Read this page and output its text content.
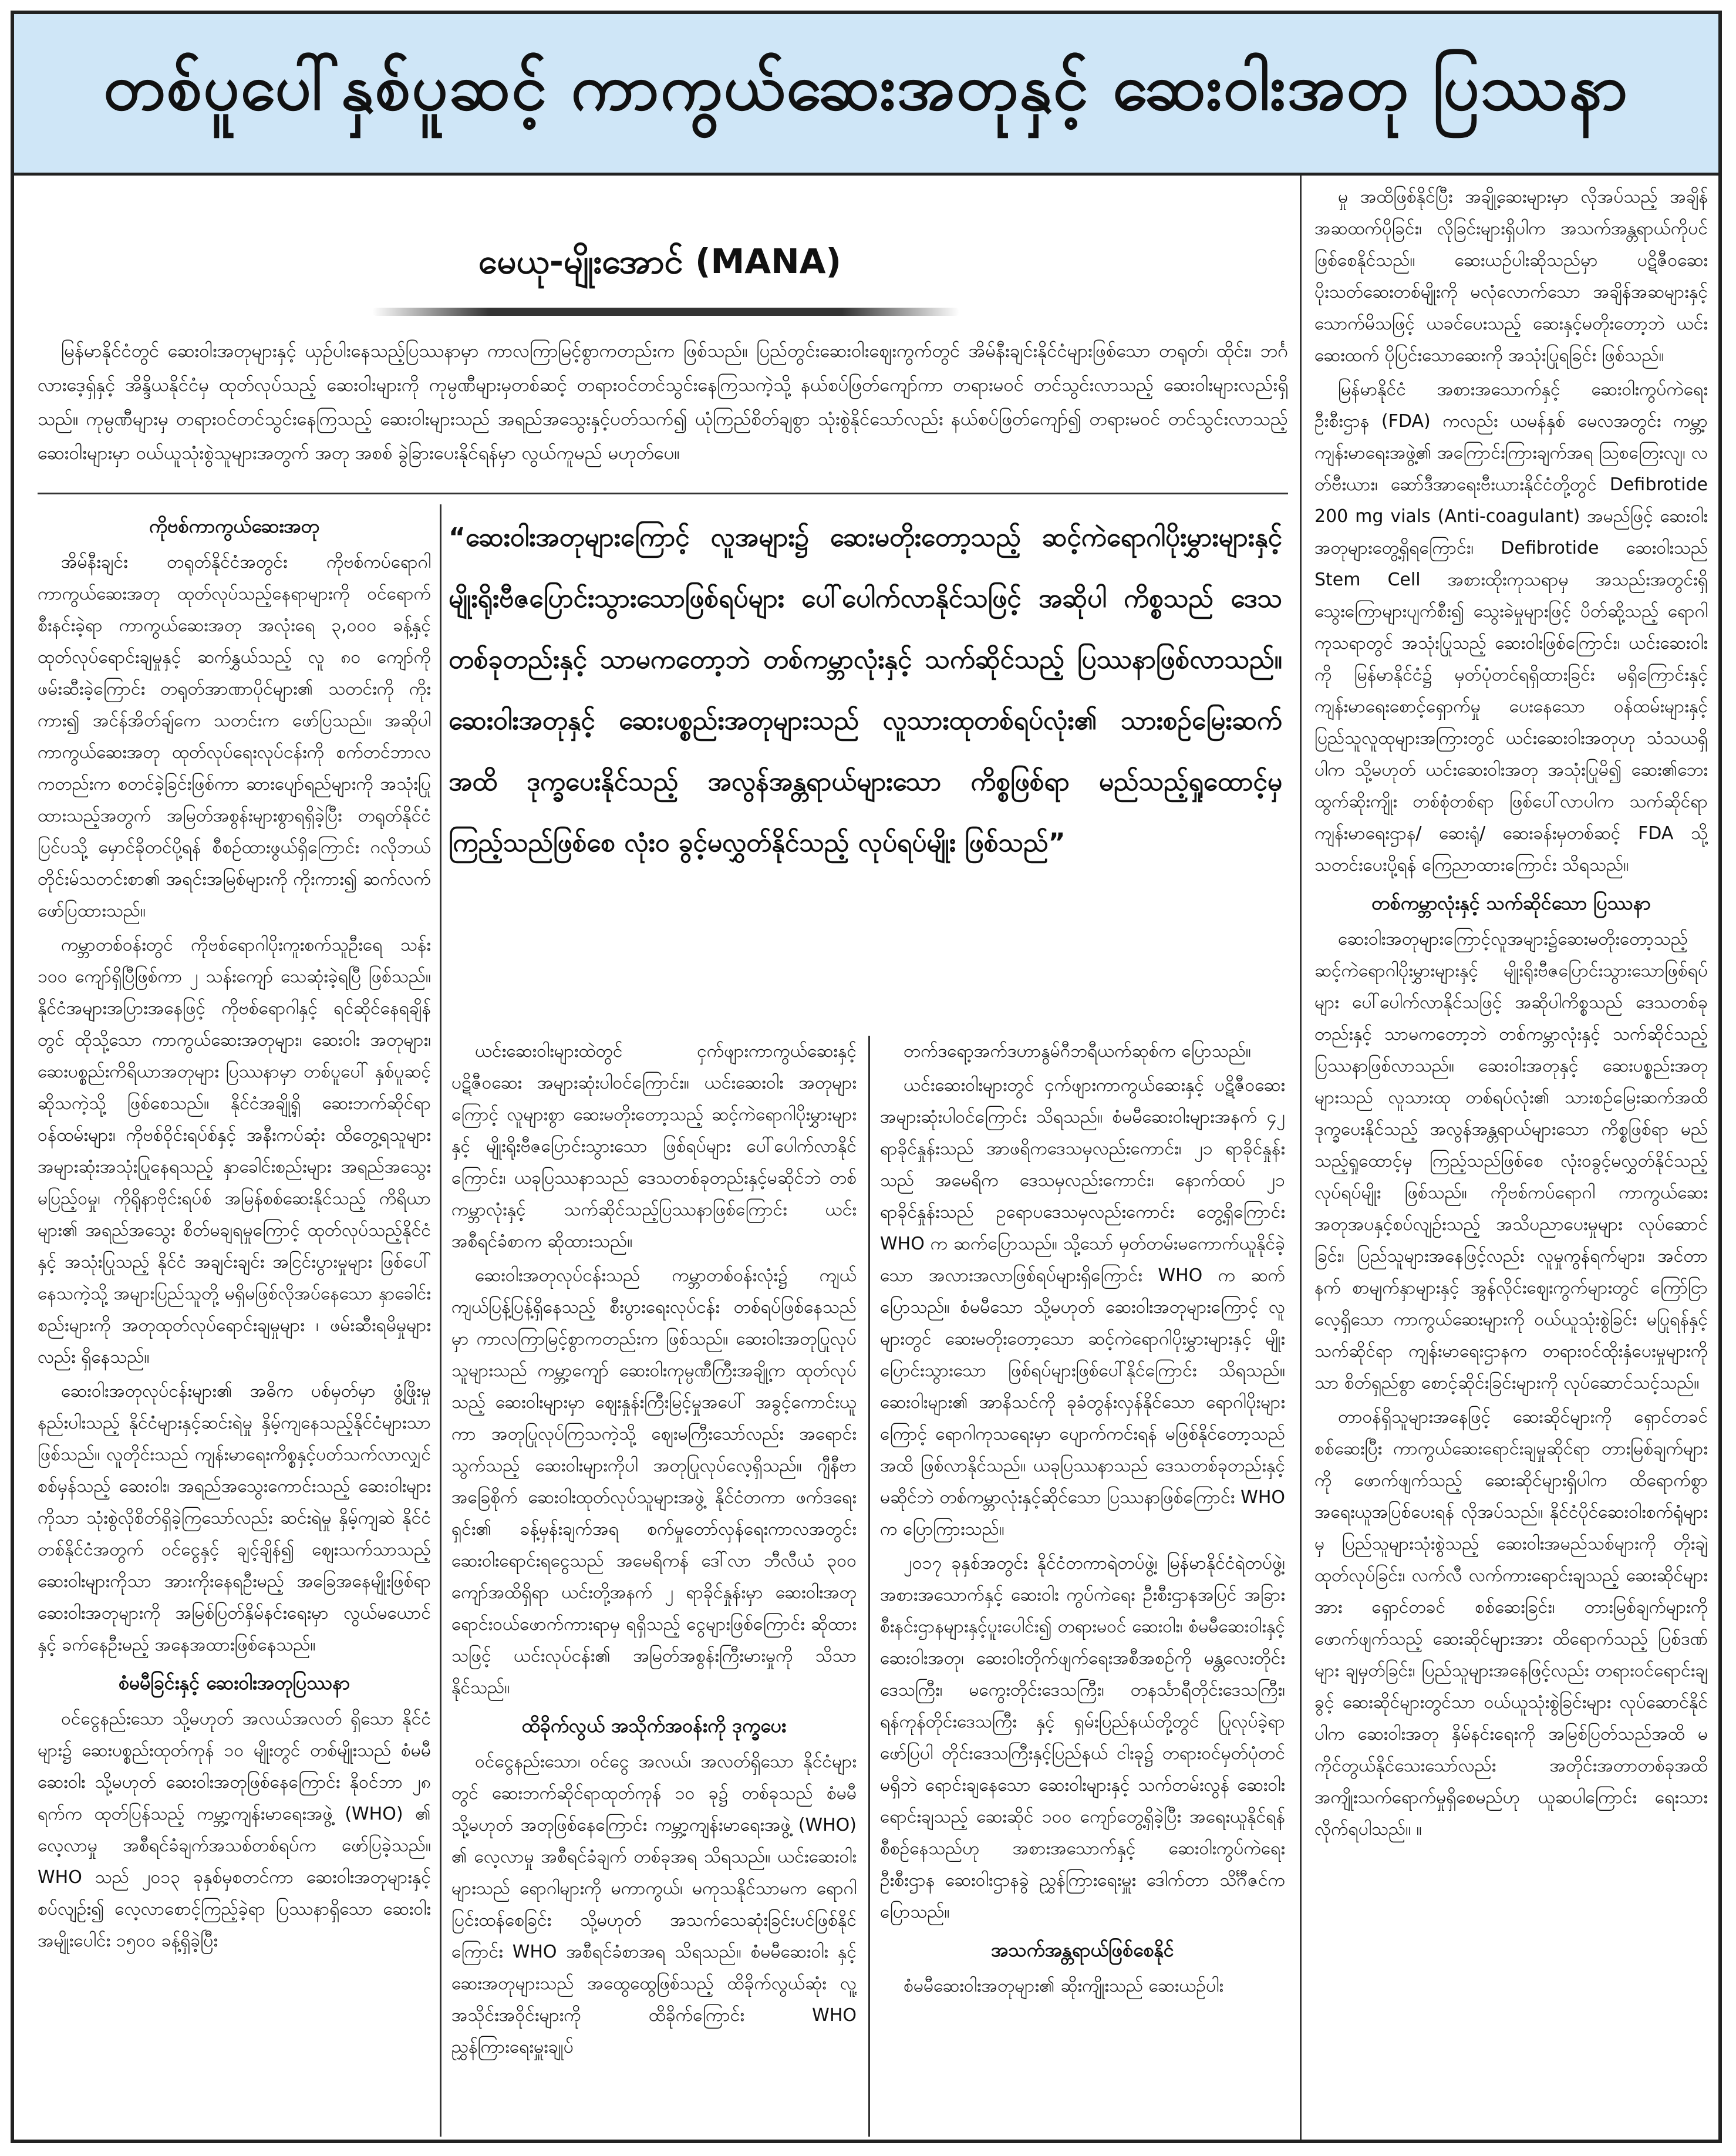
တစ်ပူပေါ်နှစ်ပူဆင့် ကာကွယ်ဆေးအတုနှင့် ဆေးဝါးအတု ပြဿနာ
မေယု-မျိုးအောင် (MANA)

မြန်မာနိုင်ငံတွင် ဆေးဝါးအတုများနှင့် ယှဉ်ပါးနေသည့်ပြဿနာမှာ ကာလကြာမြင့်စွာကတည်းက ဖြစ်သည်။ ပြည်တွင်းဆေးဝါးဈေးကွက်တွင် အိမ်နီးချင်းနိုင်ငံများဖြစ်သော တရုတ်၊ ထိုင်း၊ ဘင်္ဂလားဒေ့ရှ်နှင့် အိန္ဒိယနိုင်ငံမှ ထုတ်လုပ်သည့် ဆေးဝါးများကို ကုမ္ပဏီများမှတစ်ဆင့် တရားဝင်တင်သွင်းနေကြသကဲ့သို့ နယ်စပ်ဖြတ်ကျော်ကာ တရားမဝင် တင်သွင်းလာသည့် ဆေးဝါးများလည်းရှိသည်။ ကုမ္ပဏီများမှ တရားဝင်တင်သွင်းနေကြသည့် ဆေးဝါးများသည် အရည်အသွေးနှင့်ပတ်သက်၍ ယုံကြည်စိတ်ချစွာ သုံးစွဲနိုင်သော်လည်း နယ်စပ်ဖြတ်ကျော်၍ တရားမဝင် တင်သွင်းလာသည့်ဆေးဝါးများမှာ ဝယ်ယူသုံးစွဲသူများအတွက် အတု အစစ် ခွဲခြားပေးနိုင်ရန်မှာ လွယ်ကူမည် မဟုတ်ပေ။

ကိုဗစ်ကာကွယ်ဆေးအတု

အိမ်နီးချင်း တရုတ်နိုင်ငံအတွင်း ကိုဗစ်ကပ်ရောဂါ ကာကွယ်ဆေးအတု ထုတ်လုပ်သည့်နေရာများကို ဝင်ရောက်စီးနင်းခဲ့ရာ ကာကွယ်ဆေးအတု အလုံးရေ ၃,၀၀၀ ခန့်နှင့် ထုတ်လုပ်ရောင်းချမှုနှင့် ဆက်နွှယ်သည့် လူ ၈၀ ကျော်ကို ဖမ်းဆီးခဲ့ကြောင်း တရုတ်အာဏာပိုင်များ၏ သတင်းကို ကိုးကား၍ အင်န်အိတ်ချ်ကေ သတင်းက ဖော်ပြသည်။ အဆိုပါ ကာကွယ်ဆေးအတု ထုတ်လုပ်ရေးလုပ်ငန်းကို စက်တင်ဘာလကတည်းက စတင်ခဲ့ခြင်းဖြစ်ကာ ဆားပျော်ရည်များကို အသုံးပြုထားသည့်အတွက် အမြတ်အစွန်းများစွာရရှိခဲ့ပြီး တရုတ်နိုင်ငံ ပြင်ပသို့ မှောင်ခိုတင်ပို့ရန် စီစဉ်ထားဖွယ်ရှိကြောင်း ဂလိုဘယ်တိုင်းမ်သတင်းစာ၏ အရင်းအမြစ်များကို ကိုးကား၍ ဆက်လက်ဖော်ပြထားသည်။

ကမ္ဘာတစ်ဝန်းတွင် ကိုဗစ်ရောဂါပိုးကူးစက်သူဦးရေ သန်း ၁၀၀ ကျော်ရှိပြီဖြစ်ကာ ၂ သန်းကျော် သေဆုံးခဲ့ရပြီ ဖြစ်သည်။ နိုင်ငံအများအပြားအနေဖြင့် ကိုဗစ်ရောဂါနှင့် ရင်ဆိုင်နေရချိန်တွင် ထိုသို့သော ကာကွယ်ဆေးအတုများ၊ ဆေးဝါး အတုများ၊ ဆေးပစ္စည်းကိရိယာအတုများ ပြဿနာမှာ တစ်ပူပေါ် နှစ်ပူဆင့် ဆိုသကဲ့သို့ ဖြစ်စေသည်။ နိုင်ငံအချို့ရှိ ဆေးဘက်ဆိုင်ရာ ဝန်ထမ်းများ၊ ကိုဗစ်ဝိုင်းရပ်စ်နှင့် အနီးကပ်ဆုံး ထိတွေ့ရသူများ အများဆုံးအသုံးပြုနေရသည့် နှာခေါင်းစည်းများ အရည်အသွေး မပြည့်ဝမှု၊ ကိုရိုနာဗိုင်းရပ်စ် အမြန်စစ်ဆေးနိုင်သည့် ကိရိယာများ၏ အရည်အသွေး စိတ်မချရမှုကြောင့် ထုတ်လုပ်သည့်နိုင်ငံနှင့် အသုံးပြုသည့် နိုင်ငံ အချင်းချင်း အငြင်းပွားမှုများ ဖြစ်ပေါ်နေသကဲ့သို့ အများပြည်သူတို့ မရှိမဖြစ်လိုအပ်နေသော နှာခေါင်းစည်းများကို အတုထုတ်လုပ်ရောင်းချမှုများ ၊ ဖမ်းဆီးရမိမှုများလည်း ရှိနေသည်။

ဆေးဝါးအတုလုပ်ငန်းများ၏ အဓိက ပစ်မှတ်မှာ ဖွံ့ဖြိုးမှုနည်းပါးသည့် နိုင်ငံများနှင့်ဆင်းရဲမှု နှိမ့်ကျနေသည့်နိုင်ငံများသာ ဖြစ်သည်။ လူတိုင်းသည် ကျန်းမာရေးကိစ္စနှင့်ပတ်သက်လာလျှင် စစ်မှန်သည့် ဆေးဝါး၊ အရည်အသွေးကောင်းသည့် ဆေးဝါးများကိုသာ သုံးစွဲလိုစိတ်ရှိခဲ့ကြသော်လည်း ဆင်းရဲမှု နှိမ့်ကျဆဲ နိုင်ငံတစ်နိုင်ငံအတွက် ဝင်ငွေနှင့် ချင့်ချိန်၍ ဈေးသက်သာသည့် ဆေးဝါးများကိုသာ အားကိုးနေရဦးမည့် အခြေအနေမျိုးဖြစ်ရာ ဆေးဝါးအတုများကို အမြစ်ပြတ်နှိမ်နင်းရေးမှာ လွယ်မယောင်နှင့် ခက်နေဦးမည့် အနေအထားဖြစ်နေသည်။

စံမမီခြင်းနှင့် ဆေးဝါးအတုပြဿနာ

ဝင်ငွေနည်းသော သို့မဟုတ် အလယ်အလတ် ရှိသော နိုင်ငံများ၌ ဆေးပစ္စည်းထုတ်ကုန် ၁၀ မျိုးတွင် တစ်မျိုးသည် စံမမီဆေးဝါး သို့မဟုတ် ဆေးဝါးအတုဖြစ်နေကြောင်း နိုဝင်ဘာ ၂၈ ရက်က ထုတ်ပြန်သည့် ကမ္ဘာ့ကျန်းမာရေးအဖွဲ့ (WHO) ၏ လေ့လာမှု အစီရင်ခံချက်အသစ်တစ်ရပ်က ဖော်ပြခဲ့သည်။ WHO သည် ၂၀၁၃ ခုနှစ်မှစတင်ကာ ဆေးဝါးအတုများနှင့် စပ်လျဉ်း၍ လေ့လာစောင့်ကြည့်ခဲ့ရာ ပြဿနာရှိသော ဆေးဝါးအမျိုးပေါင်း ၁၅၀၀ ခန့်ရှိခဲ့ပြီး

“ဆေးဝါးအတုများကြောင့် လူအများ၌ ဆေးမတိုးတော့သည့် ဆင့်ကဲရောဂါပိုးမွှားများနှင့် မျိုးရိုးဗီဇပြောင်းသွားသောဖြစ်ရပ်များ ပေါ်ပေါက်လာနိုင်သဖြင့် အဆိုပါ ကိစ္စသည် ဒေသတစ်ခုတည်းနှင့် သာမကတော့ဘဲ တစ်ကမ္ဘာလုံးနှင့် သက်ဆိုင်သည့် ပြဿနာဖြစ်လာသည်။ ဆေးဝါးအတုနှင့် ဆေးပစ္စည်းအတုများသည် လူသားထုတစ်ရပ်လုံး၏ သားစဉ်မြေးဆက်အထိ ဒုက္ခပေးနိုင်သည့် အလွန်အန္တရာယ်များသော ကိစ္စဖြစ်ရာ မည်သည့်ရှုထောင့်မှ ကြည့်သည်ဖြစ်စေ လုံးဝ ခွင့်မလွှတ်နိုင်သည့် လုပ်ရပ်မျိုး ဖြစ်သည်”

ယင်းဆေးဝါးများထဲတွင် ငှက်ဖျားကာကွယ်ဆေးနှင့် ပဋိဇီဝဆေး အများဆုံးပါဝင်ကြောင်း။ ယင်းဆေးဝါး အတုများကြောင့် လူများစွာ ဆေးမတိုးတော့သည့် ဆင့်ကဲရောဂါပိုးမွှားများနှင့် မျိုးရိုးဗီဇပြောင်းသွားသော ဖြစ်ရပ်များ ပေါ်ပေါက်လာနိုင်ကြောင်း၊ ယခုပြဿနာသည် ဒေသတစ်ခုတည်းနှင့်မဆိုင်ဘဲ တစ်ကမ္ဘာလုံးနှင့် သက်ဆိုင်သည့်ပြဿနာဖြစ်ကြောင်း ယင်းအစီရင်ခံစာက ဆိုထားသည်။

ဆေးဝါးအတုလုပ်ငန်းသည် ကမ္ဘာတစ်ဝန်းလုံး၌ ကျယ်ကျယ်ပြန့်ပြန့်ရှိနေသည့် စီးပွားရေးလုပ်ငန်း တစ်ရပ်ဖြစ်နေသည်မှာ ကာလကြာမြင့်စွာကတည်းက ဖြစ်သည်။ ဆေးဝါးအတုပြုလုပ်သူများသည် ကမ္ဘာ့ကျော် ဆေးဝါးကုမ္ပဏီကြီးအချို့က ထုတ်လုပ်သည့် ဆေးဝါးများမှာ ဈေးနှုန်းကြီးမြင့်မှုအပေါ် အခွင့်ကောင်းယူကာ အတုပြုလုပ်ကြသကဲ့သို့ ဈေးမကြီးသော်လည်း အရောင်းသွက်သည့် ဆေးဝါးများကိုပါ အတုပြုလုပ်လေ့ရှိသည်။ ဂျီနီဗာအခြေစိုက် ဆေးဝါးထုတ်လုပ်သူများအဖွဲ့ နိုင်ငံတကာ ဖက်ဒရေးရှင်း၏ ခန့်မှန်းချက်အရ စက်မှုတော်လှန်ရေးကာလအတွင်း ဆေးဝါးရောင်းရငွေသည် အမေရိကန် ဒေါ်လာ ဘီလီယံ ၃၀၀ ကျော်အထိရှိရာ ယင်းတို့အနက် ၂ ရာခိုင်နှုန်းမှာ ဆေးဝါးအတု ရောင်းဝယ်ဖောက်ကားရာမှ ရရှိသည့် ငွေများဖြစ်ကြောင်း ဆိုထားသဖြင့် ယင်းလုပ်ငန်း၏ အမြတ်အစွန်းကြီးမားမှုကို သိသာနိုင်သည်။

ထိခိုက်လွယ် အသိုက်အဝန်းကို ဒုက္ခပေး

ဝင်ငွေနည်းသော၊ ဝင်ငွေ အလယ်၊ အလတ်ရှိသော နိုင်ငံများတွင် ဆေးဘက်ဆိုင်ရာထုတ်ကုန် ၁၀ ခု၌ တစ်ခုသည် စံမမီ သို့မဟုတ် အတုဖြစ်နေကြောင်း ကမ္ဘာ့ကျန်းမာရေးအဖွဲ့ (WHO) ၏ လေ့လာမှု အစီရင်ခံချက် တစ်ခုအရ သိရသည်။ ယင်းဆေးဝါးများသည် ရောဂါများကို မကာကွယ်၊ မကုသနိုင်သာမက ရောဂါပြင်းထန်စေခြင်း သို့မဟုတ် အသက်သေဆုံးခြင်းပင်ဖြစ်နိုင်ကြောင်း WHO အစီရင်ခံစာအရ သိရသည်။ စံမမီဆေးဝါး နှင့် ဆေးအတုများသည် အထွေထွေဖြစ်သည့် ထိခိုက်လွယ်ဆုံး လူ့အသိုင်းအဝိုင်းများကို ထိခိုက်ကြောင်း WHO ညွှန်ကြားရေးမှူးချုပ်

တက်ဒရော့အက်ဒဟာနွမ်ဂီဘရီယက်ဆုစ်က ပြောသည်။

ယင်းဆေးဝါးများတွင် ငှက်ဖျားကာကွယ်ဆေးနှင့် ပဋိဇီဝဆေး အများဆုံးပါဝင်ကြောင်း သိရသည်။ စံမမီဆေးဝါးများအနက် ၄၂ ရာခိုင်နှုန်းသည် အာဖရိကဒေသမှလည်းကောင်း၊ ၂၁ ရာခိုင်နှုန်းသည် အမေရိက ဒေသမှလည်းကောင်း၊ နောက်ထပ် ၂၁ ရာခိုင်နှုန်းသည် ဥရောပဒေသမှလည်းကောင်း တွေ့ရှိကြောင်း WHO က ဆက်ပြောသည်။ သို့သော် မှတ်တမ်းမကောက်ယူနိုင်ခဲ့သော အလားအလာဖြစ်ရပ်များရှိကြောင်း WHO က ဆက်ပြောသည်။ စံမမီသော သို့မဟုတ် ဆေးဝါးအတုများကြောင့် လူများတွင် ဆေးမတိုးတော့သော ဆင့်ကဲရောဂါပိုးမွှားများနှင့် မျိုးပြောင်းသွားသော ဖြစ်ရပ်များဖြစ်ပေါ်နိုင်ကြောင်း သိရသည်။ ဆေးဝါးများ၏ အာနိသင်ကို ခုခံတွန်းလှန်နိုင်သော ရောဂါပိုးများကြောင့် ရောဂါကုသရေးမှာ ပျောက်ကင်းရန် မဖြစ်နိုင်တော့သည်အထိ ဖြစ်လာနိုင်သည်။ ယခုပြဿနာသည် ဒေသတစ်ခုတည်းနှင့်မဆိုင်ဘဲ တစ်ကမ္ဘာလုံးနှင့်ဆိုင်သော ပြဿနာဖြစ်ကြောင်း WHO က ပြောကြားသည်။

၂၀၁၇ ခုနှစ်အတွင်း နိုင်ငံတကာရဲတပ်ဖွဲ့၊ မြန်မာနိုင်ငံရဲတပ်ဖွဲ့၊ အစားအသောက်နှင့် ဆေးဝါး ကွပ်ကဲရေး ဦးစီးဌာနအပြင် အခြားစီးနင်းဌာနများနှင့်ပူးပေါင်း၍ တရားမဝင် ဆေးဝါး၊ စံမမီဆေးဝါးနှင့် ဆေးဝါးအတု၊ ဆေးဝါးတိုက်ဖျက်ရေးအစီအစဉ်ကို မန္တလေးတိုင်းဒေသကြီး၊ မကွေးတိုင်းဒေသကြီး၊ တနင်္သာရီတိုင်းဒေသကြီး၊ ရန်ကုန်တိုင်းဒေသကြီး နှင့် ရှမ်းပြည်နယ်တို့တွင် ပြုလုပ်ခဲ့ရာ ဖော်ပြပါ တိုင်းဒေသကြီးနှင့်ပြည်နယ် ငါးခု၌ တရားဝင်မှတ်ပုံတင်မရှိဘဲ ရောင်းချနေသော ဆေးဝါးများနှင့် သက်တမ်းလွန် ဆေးဝါးရောင်းချသည့် ဆေးဆိုင် ၁၀၀ ကျော်တွေ့ရှိခဲ့ပြီး အရေးယူနိုင်ရန် စီစဉ်နေသည်ဟု အစားအသောက်နှင့် ဆေးဝါးကွပ်ကဲရေးဦးစီးဌာန ဆေးဝါးဌာနခွဲ ညွှန်ကြားရေးမှူး ဒေါက်တာ သိင်္ဂီဇင်က ပြောသည်။

အသက်အန္တရာယ်ဖြစ်စေနိုင်

စံမမီဆေးဝါးအတုများ၏ ဆိုးကျိုးသည် ဆေးယဉ်ပါး

မှု အထိဖြစ်နိုင်ပြီး အချို့ဆေးများမှာ လိုအပ်သည့် အချိန်အဆထက်ပိုခြင်း၊ လိုခြင်းများရှိပါက အသက်အန္တရာယ်ကိုပင် ဖြစ်စေနိုင်သည်။ ဆေးယဉ်ပါးဆိုသည်မှာ ပဋိဇီဝဆေး ပိုးသတ်ဆေးတစ်မျိုးကို မလုံလောက်သော အချိန်အဆများနှင့် သောက်မိသဖြင့် ယခင်ပေးသည့် ဆေးနှင့်မတိုးတော့ဘဲ ယင်းဆေးထက် ပိုပြင်းသောဆေးကို အသုံးပြုရခြင်း ဖြစ်သည်။

မြန်မာနိုင်ငံ အစားအသောက်နှင့် ဆေးဝါးကွပ်ကဲရေးဦးစီးဌာန (FDA) ကလည်း ယမန်နှစ် မေလအတွင်း ကမ္ဘာ့ကျန်းမာရေးအဖွဲ့၏ အကြောင်းကြားချက်အရ သြစတြေးလျ၊ လတ်ဗီးယား၊ ဆော်ဒီအာရေးဗီးယားနိုင်ငံတို့တွင် Defibrotide 200 mg vials (Anti-coagulant) အမည်ဖြင့် ဆေးဝါးအတုများတွေ့ရှိရကြောင်း၊ Defibrotide ဆေးဝါးသည် Stem Cell အစားထိုးကုသရာမှ အသည်းအတွင်းရှိ သွေးကြောများပျက်စီး၍ သွေးခဲမှုများဖြင့် ပိတ်ဆို့သည့် ရောဂါကုသရာတွင် အသုံးပြုသည့် ဆေးဝါးဖြစ်ကြောင်း၊ ယင်းဆေးဝါးကို မြန်မာနိုင်ငံ၌ မှတ်ပုံတင်ရရှိထားခြင်း မရှိကြောင်းနှင့် ကျန်းမာရေးစောင့်ရှောက်မှု ပေးနေသော ဝန်ထမ်းများနှင့် ပြည်သူလူထုများအကြားတွင် ယင်းဆေးဝါးအတုဟု သံသယရှိပါက သို့မဟုတ် ယင်းဆေးဝါးအတု အသုံးပြုမိ၍ ဆေး၏ဘေးထွက်ဆိုးကျိုး တစ်စုံတစ်ရာ ဖြစ်ပေါ်လာပါက သက်ဆိုင်ရာ ကျန်းမာရေးဌာန/ ဆေးရုံ/ ဆေးခန်းမှတစ်ဆင့် FDA သို့ သတင်းပေးပို့ရန် ကြေညာထားကြောင်း သိရသည်။

တစ်ကမ္ဘာလုံးနှင့် သက်ဆိုင်သော ပြဿနာ

ဆေးဝါးအတုများကြောင့်လူအများ၌ဆေးမတိုးတော့သည့် ဆင့်ကဲရောဂါပိုးမွှားများနှင့် မျိုးရိုးဗီဇပြောင်းသွားသောဖြစ်ရပ်များ ပေါ်ပေါက်လာနိုင်သဖြင့် အဆိုပါကိစ္စသည် ဒေသတစ်ခုတည်းနှင့် သာမကတော့ဘဲ တစ်ကမ္ဘာလုံးနှင့် သက်ဆိုင်သည့် ပြဿနာဖြစ်လာသည်။ ဆေးဝါးအတုနှင့် ဆေးပစ္စည်းအတုများသည် လူသားထု တစ်ရပ်လုံး၏ သားစဉ်မြေးဆက်အထိ ဒုက္ခပေးနိုင်သည့် အလွန်အန္တရာယ်များသော ကိစ္စဖြစ်ရာ မည်သည့်ရှုထောင့်မှ ကြည့်သည်ဖြစ်စေ လုံးဝခွင့်မလွှတ်နိုင်သည့် လုပ်ရပ်မျိုး ဖြစ်သည်။ ကိုဗစ်ကပ်ရောဂါ ကာကွယ်ဆေးအတုအပနှင့်စပ်လျဉ်းသည့် အသိပညာပေးမှုများ လုပ်ဆောင်ခြင်း၊ ပြည်သူများအနေဖြင့်လည်း လူမှုကွန်ရက်များ၊ အင်တာနက် စာမျက်နှာများနှင့် အွန်လိုင်းဈေးကွက်များတွင် ကြော်ငြာလေ့ရှိသော ကာကွယ်ဆေးများကို ဝယ်ယူသုံးစွဲခြင်း မပြုရန်နှင့် သက်ဆိုင်ရာ ကျန်းမာရေးဌာနက တရားဝင်ထိုးနှံပေးမှုများကိုသာ စိတ်ရှည်စွာ စောင့်ဆိုင်းခြင်းများကို လုပ်ဆောင်သင့်သည်။

တာဝန်ရှိသူများအနေဖြင့် ဆေးဆိုင်များကို ရှောင်တခင်စစ်ဆေးပြီး ကာကွယ်ဆေးရောင်းချမှုဆိုင်ရာ တားမြစ်ချက်များကို ဖောက်ဖျက်သည့် ဆေးဆိုင်များရှိပါက ထိရောက်စွာ အရေးယူအပြစ်ပေးရန် လိုအပ်သည်။ နိုင်ငံပိုင်ဆေးဝါးစက်ရုံများမှ ပြည်သူများသုံးစွဲသည့် ဆေးဝါးအမည်သစ်များကို တိုးချဲ့ထုတ်လုပ်ခြင်း၊ လက်လီ လက်ကားရောင်းချသည့် ဆေးဆိုင်များအား ရှောင်တခင် စစ်ဆေးခြင်း၊ တားမြစ်ချက်များကို ဖောက်ဖျက်သည့် ဆေးဆိုင်များအား ထိရောက်သည့် ပြစ်ဒဏ်များ ချမှတ်ခြင်း၊ ပြည်သူများအနေဖြင့်လည်း တရားဝင်ရောင်းချခွင့် ဆေးဆိုင်များတွင်သာ ဝယ်ယူသုံးစွဲခြင်းများ လုပ်ဆောင်နိုင်ပါက ဆေးဝါးအတု နှိမ်နင်းရေးကို အမြစ်ပြတ်သည်အထိ မကိုင်တွယ်နိုင်သေးသော်လည်း အတိုင်းအတာတစ်ခုအထိ အကျိုးသက်ရောက်မှုရှိစေမည်ဟု ယူဆပါကြောင်း ရေးသားလိုက်ရပါသည်။ ။
